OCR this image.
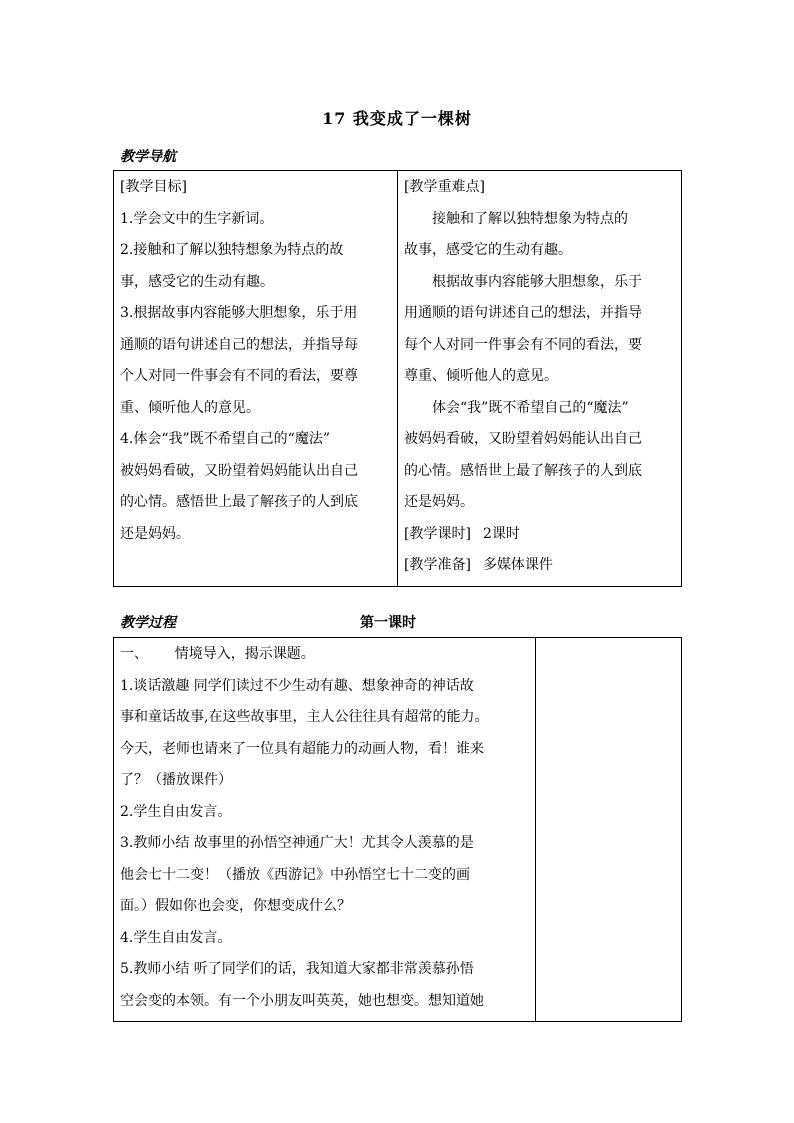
17 我变成了一棵树
教学导航
[教学目标]
1.学会文中的生字新词。
2.接触和了解以独特想象为特点的故
事，感受它的生动有趣。
3.根据故事内容能够大胆想象，乐于用
通顺的语句讲述自己的想法，并指导每
个人对同一件事会有不同的看法，要尊
重、倾听他人的意见。
4.体会“我”既不希望自己的“魔法”
被妈妈看破，又盼望着妈妈能认出自己
的心情。感悟世上最了解孩子的人到底
还是妈妈。

[教学重难点]
接触和了解以独特想象为特点的
故事，感受它的生动有趣。
根据故事内容能够大胆想象，乐于
用通顺的语句讲述自己的想法，并指导
每个人对同一件事会有不同的看法，要
尊重、倾听他人的意见。
体会“我”既不希望自己的“魔法”
被妈妈看破，又盼望着妈妈能认出自己
的心情。感悟世上最了解孩子的人到底
还是妈妈。
[教学课时] 2课时
[教学准备] 多媒体课件
教学过程	第一课时
一、      情境导入，揭示课题。
1.谈话激趣 同学们读过不少生动有趣、想象神奇的神话故
事和童话故事,在这些故事里，主人公往往具有超常的能力。
今天，老师也请来了一位具有超能力的动画人物，看！谁来
了？（播放课件）
2.学生自由发言。
3.教师小结 故事里的孙悟空神通广大！尤其令人羡慕的是
他会七十二变！（播放《西游记》中孙悟空七十二变的画
面。）假如你也会变，你想变成什么？
4.学生自由发言。
5.教师小结 听了同学们的话，我知道大家都非常羡慕孙悟
空会变的本领。有一个小朋友叫英英，她也想变。想知道她
